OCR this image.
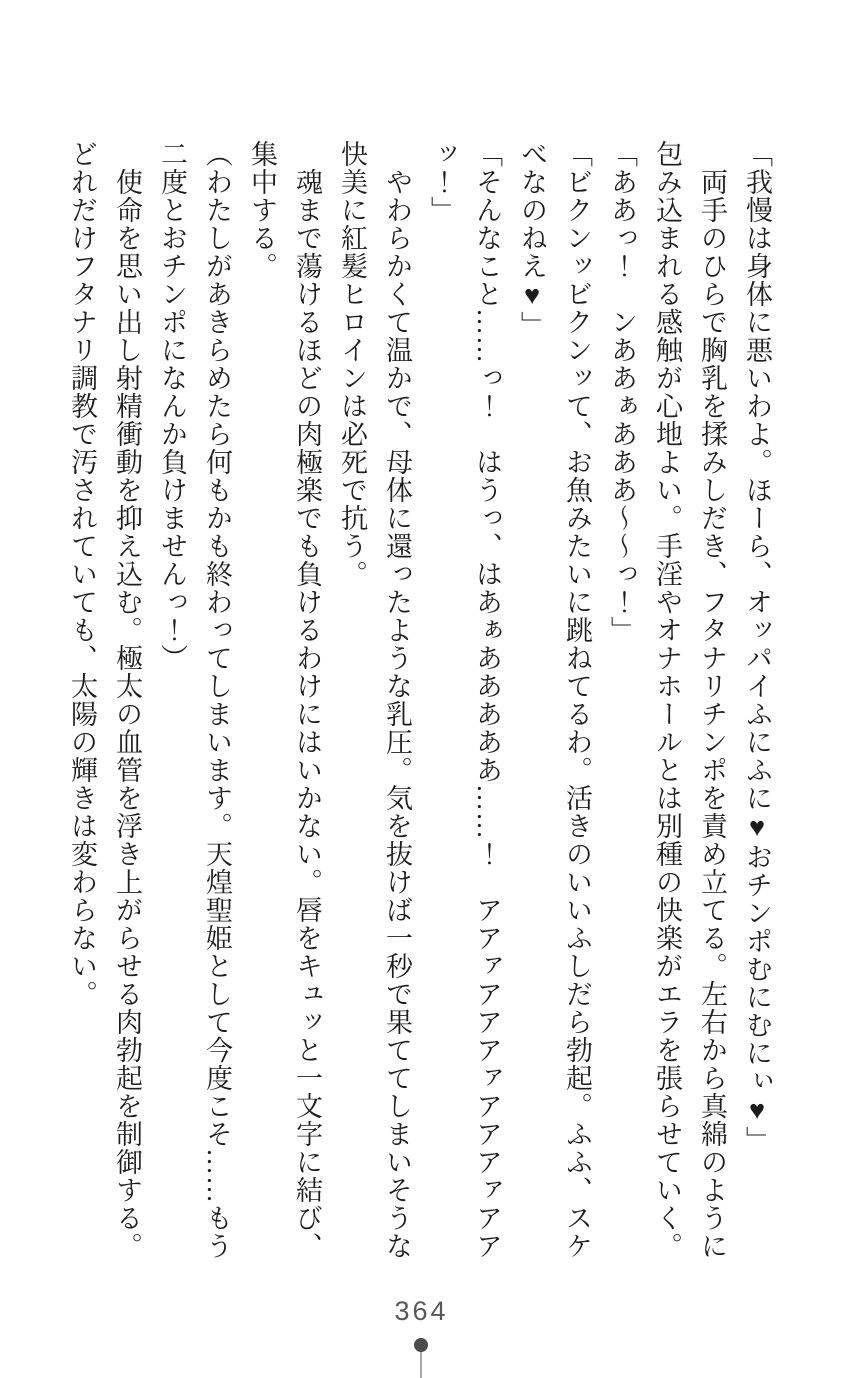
「我慢は身体に悪いわよ。ほーら、オッパイふにふに♥おチンポむにむにぃ♥」

　両手のひらで胸乳を揉みしだき、フタナリチンポを責め立てる。左右から真綿のように

包み込まれる感触が心地よい。手淫やオナホールとは別種の快楽がエラを張らせていく。

「ああっ！　ンああぁあああ〜〜っ！」

「ビクンッビクンッて、お魚みたいに跳ねてるわ。活きのいいふしだら勃起。ふふ、スケ

べなのねえ♥」

「そんなこと……っ！　はうっ、はあぁあああああ……！　アアァアアアァアアアァアア

ッ！」

　やわらかくて温かで、母体に還ったような乳圧。気を抜けば一秒で果ててしまいそうな

快美に紅髪ヒロインは必死で抗う。

　魂まで蕩けるほどの肉極楽でも負けるわけにはいかない。唇をキュッと一文字に結び、

集中する。

（わたしがあきらめたら何もかも終わってしまいます。天煌聖姫として今度こそ……もう

二度とおチンポになんか負けませんっ！）

　使命を思い出し射精衝動を抑え込む。極太の血管を浮き上がらせる肉勃起を制御する。

どれだけフタナリ調教で汚されていても、太陽の輝きは変わらない。

364
